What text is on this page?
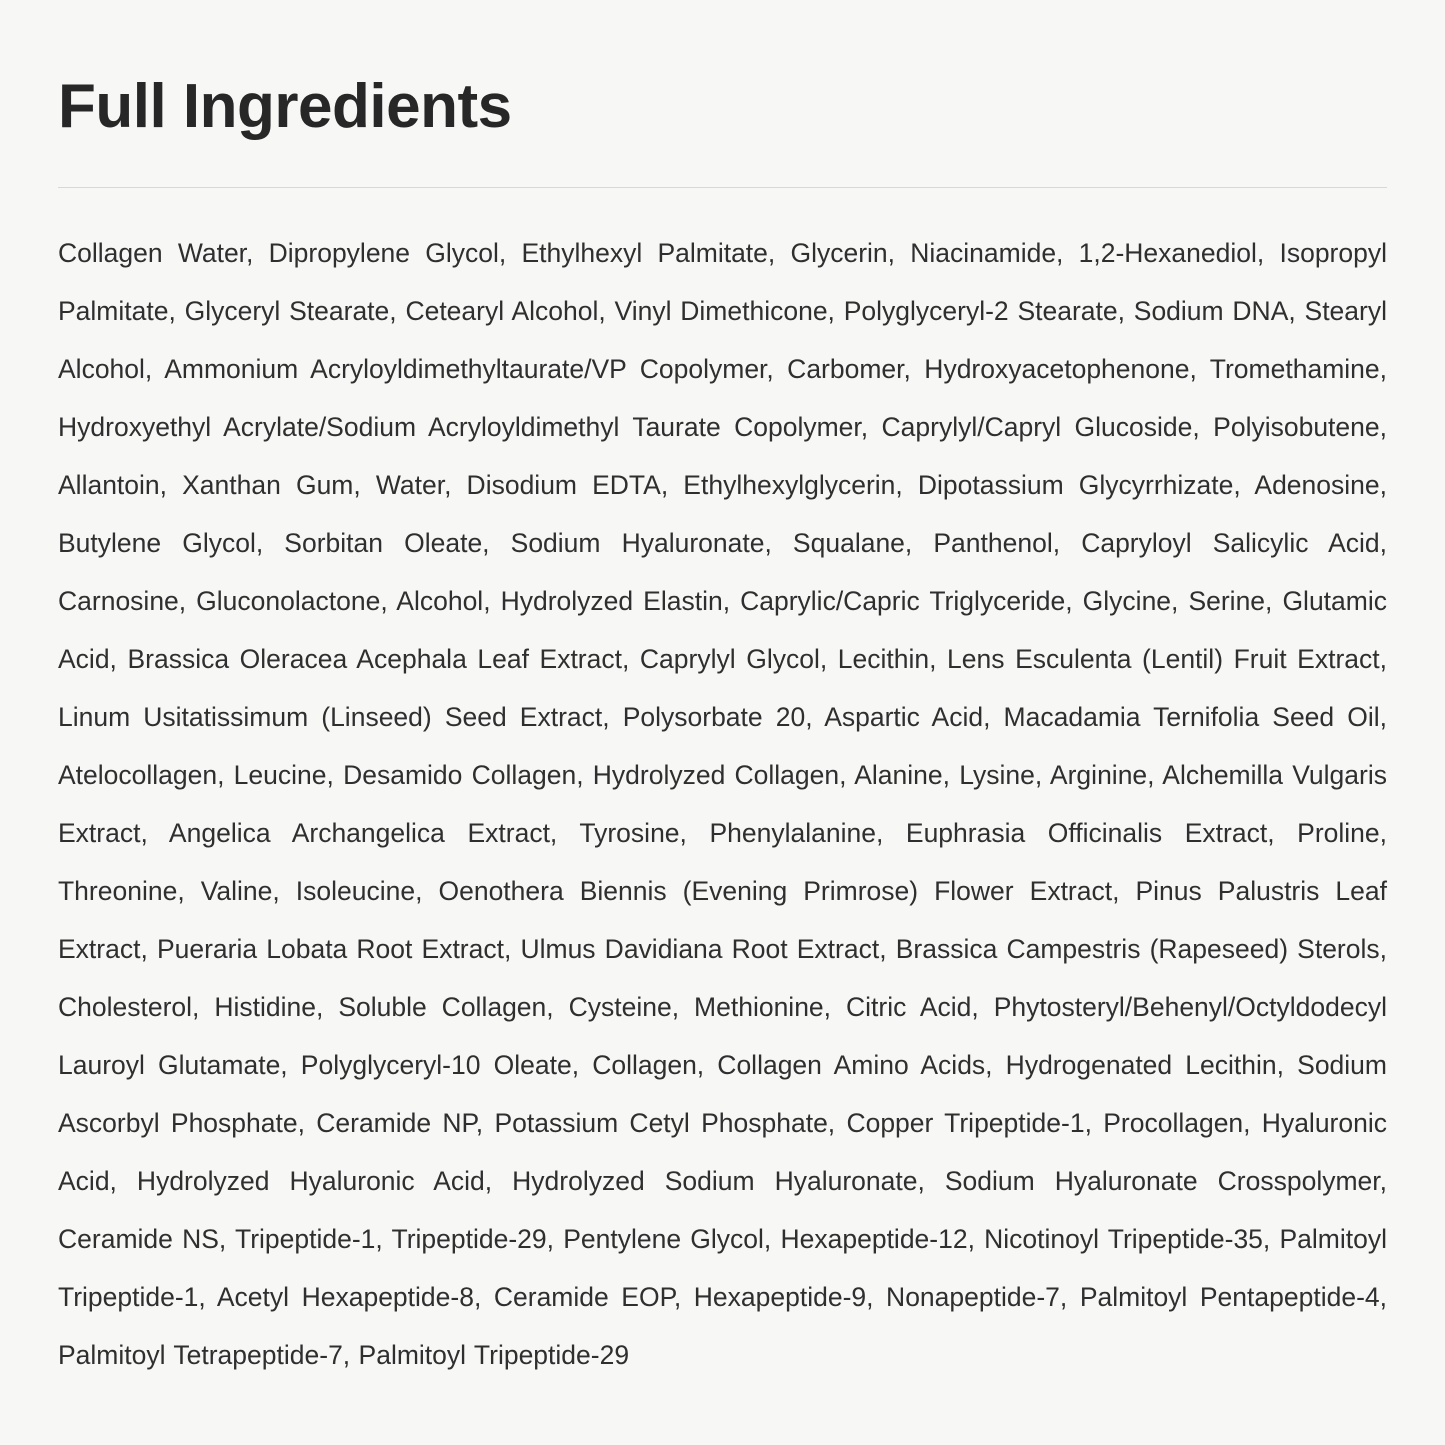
Full Ingredients

Collagen Water, Dipropylene Glycol, Ethylhexyl Palmitate, Glycerin, Niacinamide, 1,2-Hexanediol, Isopropyl Palmitate, Glyceryl Stearate, Cetearyl Alcohol, Vinyl Dimethicone, Polyglyceryl-2 Stearate, Sodium DNA, Stearyl Alcohol, Ammonium Acryloyldimethyltaurate/VP Copolymer, Carbomer, Hydroxyacetophenone, Tromethamine, Hydroxyethyl Acrylate/Sodium Acryloyldimethyl Taurate Copolymer, Caprylyl/Capryl Glucoside, Polyisobutene, Allantoin, Xanthan Gum, Water, Disodium EDTA, Ethylhexylglycerin, Dipotassium Glycyrrhizate, Adenosine, Butylene Glycol, Sorbitan Oleate, Sodium Hyaluronate, Squalane, Panthenol, Capryloyl Salicylic Acid, Carnosine, Gluconolactone, Alcohol, Hydrolyzed Elastin, Caprylic/Capric Triglyceride, Glycine, Serine, Glutamic Acid, Brassica Oleracea Acephala Leaf Extract, Caprylyl Glycol, Lecithin, Lens Esculenta (Lentil) Fruit Extract, Linum Usitatissimum (Linseed) Seed Extract, Polysorbate 20, Aspartic Acid, Macadamia Ternifolia Seed Oil, Atelocollagen, Leucine, Desamido Collagen, Hydrolyzed Collagen, Alanine, Lysine, Arginine, Alchemilla Vulgaris Extract, Angelica Archangelica Extract, Tyrosine, Phenylalanine, Euphrasia Officinalis Extract, Proline, Threonine, Valine, Isoleucine, Oenothera Biennis (Evening Primrose) Flower Extract, Pinus Palustris Leaf Extract, Pueraria Lobata Root Extract, Ulmus Davidiana Root Extract, Brassica Campestris (Rapeseed) Sterols, Cholesterol, Histidine, Soluble Collagen, Cysteine, Methionine, Citric Acid, Phytosteryl/Behenyl/Octyldodecyl Lauroyl Glutamate, Polyglyceryl-10 Oleate, Collagen, Collagen Amino Acids, Hydrogenated Lecithin, Sodium Ascorbyl Phosphate, Ceramide NP, Potassium Cetyl Phosphate, Copper Tripeptide-1, Procollagen, Hyaluronic Acid, Hydrolyzed Hyaluronic Acid, Hydrolyzed Sodium Hyaluronate, Sodium Hyaluronate Crosspolymer, Ceramide NS, Tripeptide-1, Tripeptide-29, Pentylene Glycol, Hexapeptide-12, Nicotinoyl Tripeptide-35, Palmitoyl Tripeptide-1, Acetyl Hexapeptide-8, Ceramide EOP, Hexapeptide-9, Nonapeptide-7, Palmitoyl Pentapeptide-4, Palmitoyl Tetrapeptide-7, Palmitoyl Tripeptide-29
